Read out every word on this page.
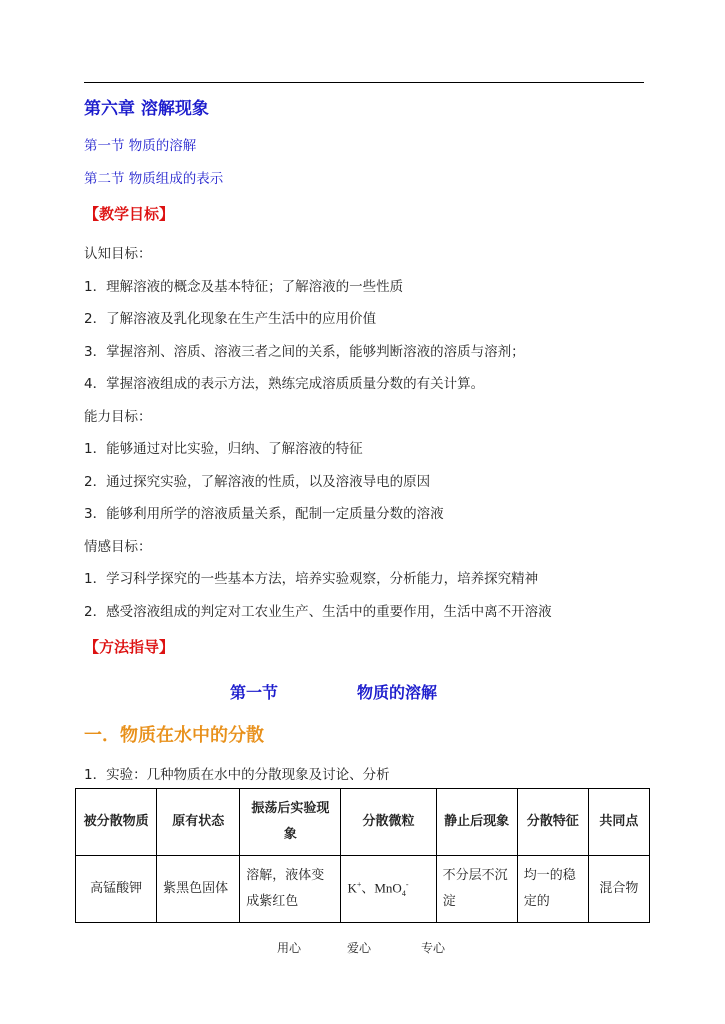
第六章 溶解现象
第一节 物质的溶解
第二节 物质组成的表示
【教学目标】
认知目标：
1．理解溶液的概念及基本特征；了解溶液的一些性质
2．了解溶液及乳化现象在生产生活中的应用价值
3．掌握溶剂、溶质、溶液三者之间的关系，能够判断溶液的溶质与溶剂；
4．掌握溶液组成的表示方法，熟练完成溶质质量分数的有关计算。
能力目标：
1．能够通过对比实验，归纳、了解溶液的特征
2．通过探究实验，了解溶液的性质，以及溶液导电的原因
3．能够利用所学的溶液质量关系，配制一定质量分数的溶液
情感目标：
1．学习科学探究的一些基本方法，培养实验观察，分析能力，培养探究精神
2．感受溶液组成的判定对工农业生产、生活中的重要作用，生活中离不开溶液
【方法指导】
第一节	物质的溶解
一．物质在水中的分散
1．实验：几种物质在水中的分散现象及讨论、分析
被分散物质	原有状态	振荡后实验现象	分散微粒	静止后现象	分散特征	共同点
高锰酸钾	紫黑色固体	溶解，液体变成紫红色	K+、MnO$_4$-	不分层不沉淀	均一的稳定的	混合物
用心	爱心	专心
